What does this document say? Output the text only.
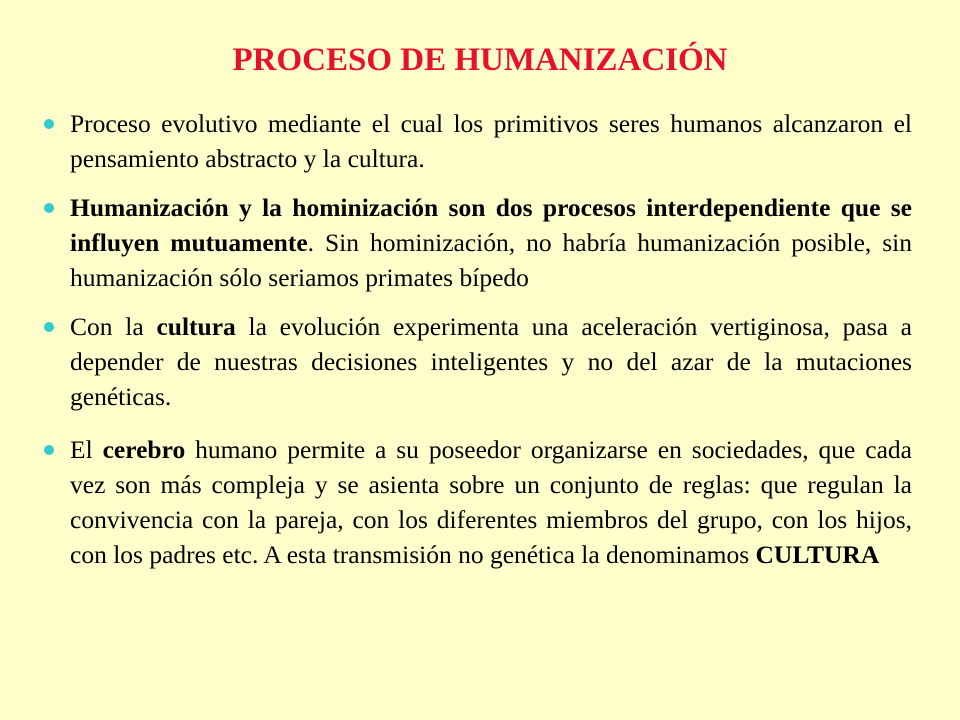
PROCESO DE HUMANIZACIÓN
Proceso evolutivo mediante el cual los primitivos seres humanos alcanzaron el pensamiento abstracto y la cultura.
Humanización y la hominización son dos procesos interdependiente que se influyen mutuamente. Sin hominización, no habría humanización posible, sin humanización sólo seriamos primates bípedo
Con la cultura la evolución experimenta una aceleración vertiginosa, pasa a depender de nuestras decisiones inteligentes y no del azar de la mutaciones genéticas.
El cerebro humano permite a su poseedor organizarse en sociedades, que cada vez son más compleja y se asienta sobre un conjunto de reglas: que regulan la convivencia con la pareja, con los diferentes miembros del grupo, con los hijos, con los padres etc. A esta transmisión no genética la denominamos CULTURA
